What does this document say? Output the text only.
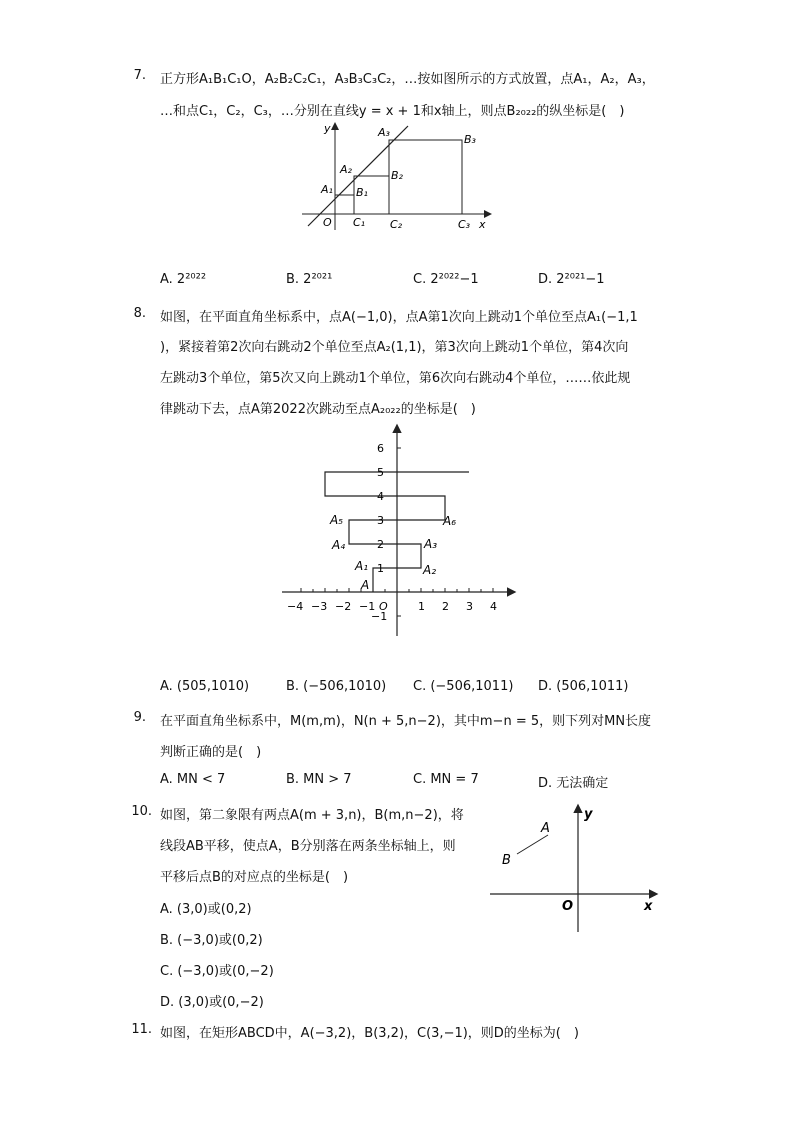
7. 正方形A₁B₁C₁O，A₂B₂C₂C₁，A₃B₃C₃C₂，…按如图所示的方式放置，点A₁，A₂，A₃，
…和点C₁，C₂，C₃，…分别在直线y = x + 1和x轴上，则点B₂₀₂₂的纵坐标是(　)
y
x
O
A₁
A₂
A₃
B₁
B₂
B₃
C₁ C₂	C₃
A. 2²⁰²²	B. 2²⁰²¹	C. 2²⁰²²−1	D. 2²⁰²¹−1
8. 如图，在平面直角坐标系中，点A(−1,0)，点A第1次向上跳动1个单位至点A₁(−1,1
)，紧接着第2次向右跳动2个单位至点A₂(1,1)，第3次向上跳动1个单位，第4次向
左跳动3个单位，第5次又向上跳动1个单位，第6次向右跳动4个单位，……依此规
律跳动下去，点A第2022次跳动至点A₂₀₂₂的坐标是(　)
−4 −3 −2 −1	1 2 3 4
O
1
2
3
4
5
6
−1
A
A₁	A₂
A₃
A₄
A₅	A₆
A. (505,1010)	B. (−506,1010) C. (−506,1011) D. (506,1011)
9. 在平面直角坐标系中，M(m,m)，N(n + 5,n−2)，其中m−n = 5，则下列对MN长度
判断正确的是(　)
A. MN < 7	B. MN > 7	C. MN = 7	D. 无法确定
10. 如图，第二象限有两点A(m + 3,n)，B(m,n−2)，将
线段AB平移，使点A，B分别落在两条坐标轴上，则
平移后点B的对应点的坐标是(　)
A
B
O	x
y
A. (3,0)或(0,2)
B. (−3,0)或(0,2)
C. (−3,0)或(0,−2)
D. (3,0)或(0,−2)
11. 如图，在矩形ABCD中，A(−3,2)，B(3,2)，C(3,−1)，则D的坐标为(　)
